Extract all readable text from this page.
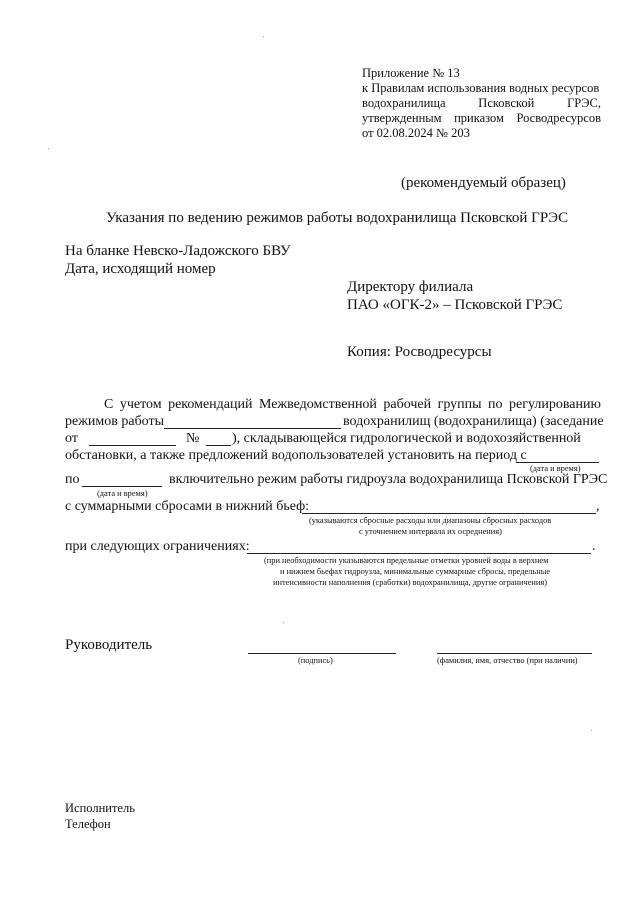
Приложение № 13
к Правилам использования водных ресурсов
водохранилища	Псковской	ГРЭС,
утвержденным приказом Росводресурсов
от 02.08.2024 № 203
(рекомендуемый образец)
Указания по ведению режимов работы водохранилища Псковской ГРЭС
На бланке Невско-Ладожского БВУ
Дата, исходящий номер
Директору филиала
ПАО «ОГК-2» – Псковской ГРЭС
Копия: Росводресурсы
С учетом рекомендаций Межведомственной рабочей группы по регулированию
режимов работы	водохранилищ (водохранилища) (заседание
от	№ ), складывающейся гидрологической и водохозяйственной
обстановки, а также предложений водопользователей установить на период с
(дата и время)
по	включительно режим работы гидроузла водохранилища Псковской ГРЭС
(дата и время)
с суммарными сбросами в нижний бьеф:	,
(указываются сбросные расходы или диапазоны сбросных расходов
с уточнением интервала их осреднения)
при следующих ограничениях:	.
(при необходимости указываются предельные отметки уровней воды в верхнем
и нижнем бьефах гидроузла, минимальные суммарные сбросы, предельные
интенсивности наполнения (сработки) водохранилища, другие ограничения)
Руководитель
(подпись)	(фамилия, имя, отчество (при наличии)
Исполнитель
Телефон
